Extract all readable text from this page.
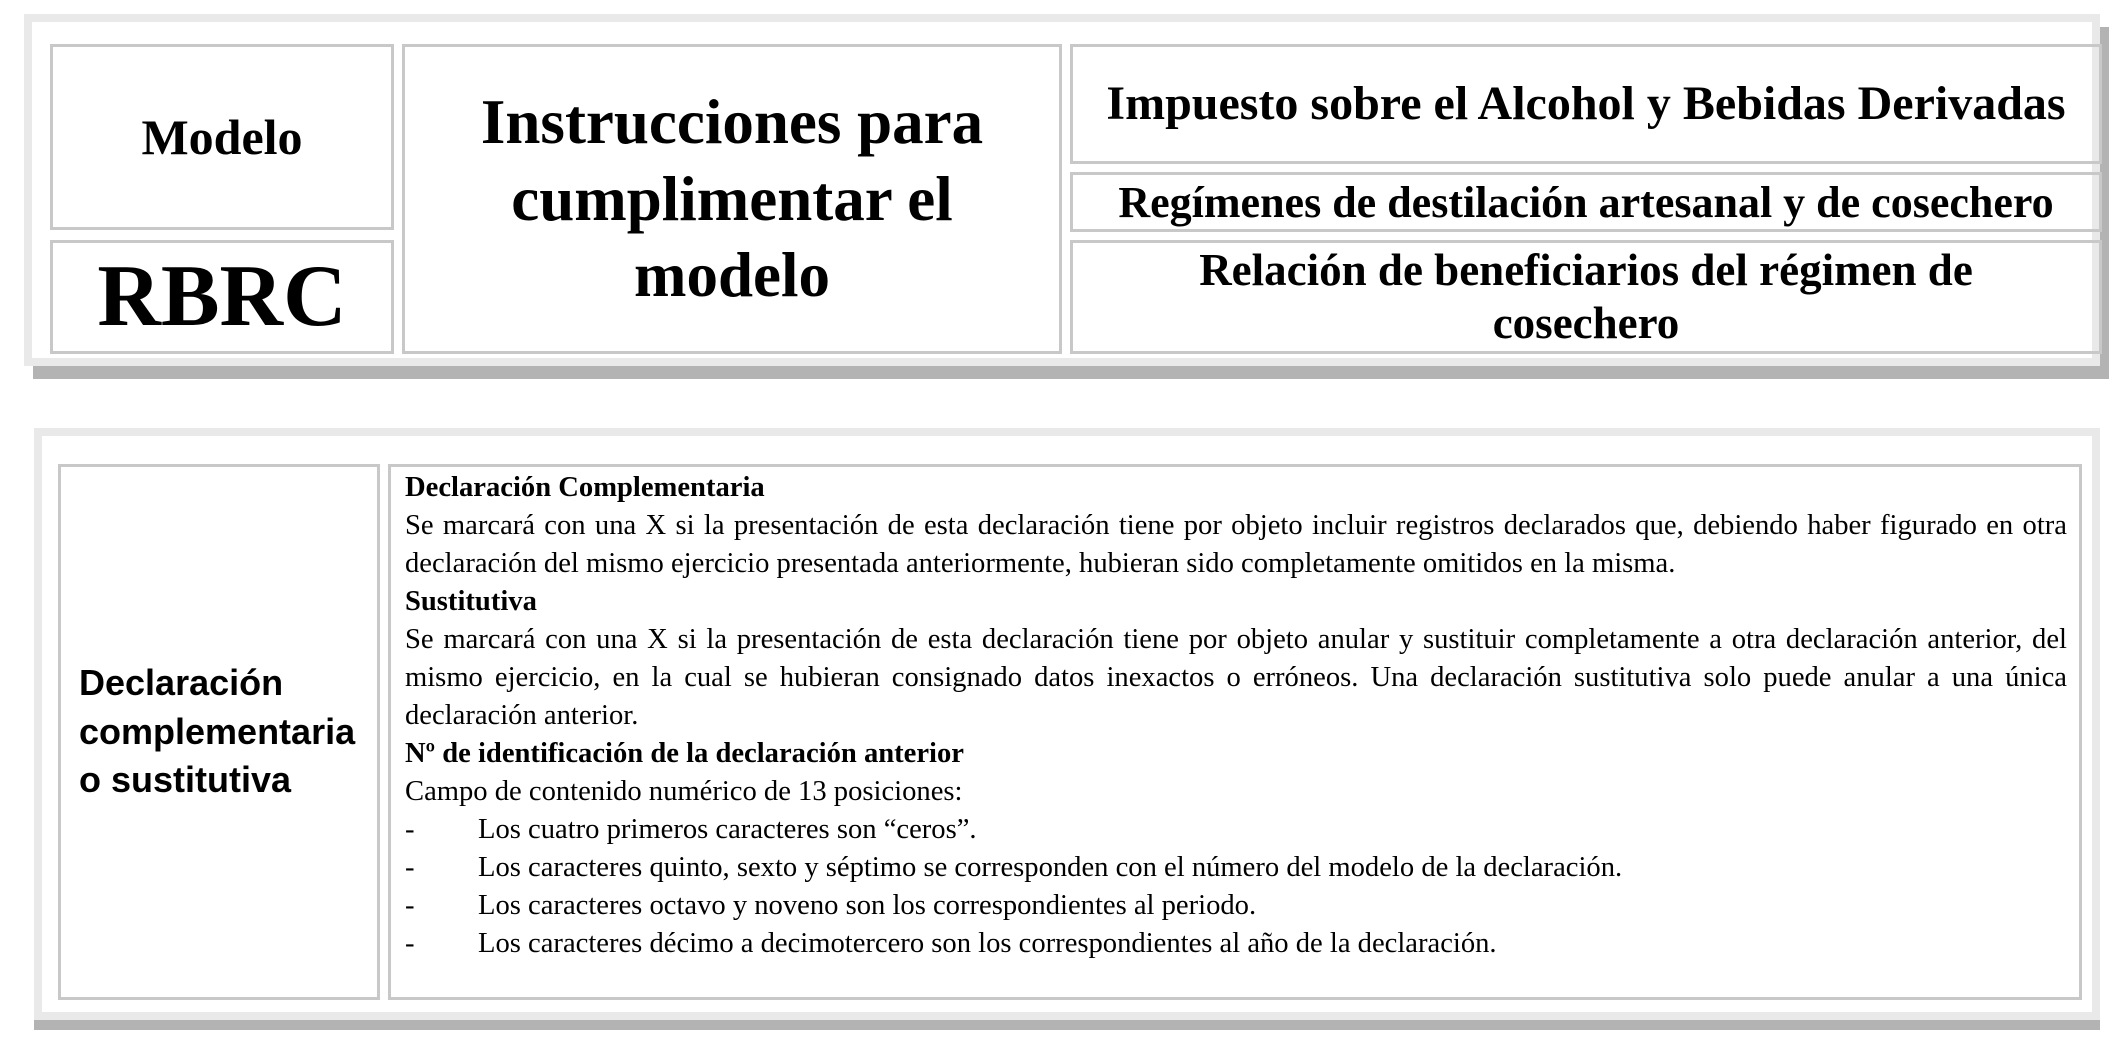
Modelo
RBRC
Instrucciones para cumplimentar el modelo
Impuesto sobre el Alcohol y Bebidas Derivadas
Regímenes de destilación artesanal y de cosechero
Relación de beneficiarios del régimen de cosechero
Declaración complementaria o sustitutiva
Declaración Complementaria

Se marcará con una X si la presentación de esta declaración tiene por objeto incluir registros declarados que, debiendo haber figurado en otra declaración del mismo ejercicio presentada anteriormente, hubieran sido completamente omitidos en la misma.

Sustitutiva

Se marcará con una X si la presentación de esta declaración tiene por objeto anular y sustituir completamente a otra declaración anterior, del mismo ejercicio, en la cual se hubieran consignado datos inexactos o erróneos. Una declaración sustitutiva solo puede anular a una única declaración anterior.

Nº de identificación de la declaración anterior

Campo de contenido numérico de 13 posiciones:

- Los cuatro primeros caracteres son “ceros”.
- Los caracteres quinto, sexto y séptimo se corresponden con el número del modelo de la declaración.
- Los caracteres octavo y noveno son los correspondientes al periodo.
- Los caracteres décimo a decimotercero son los correspondientes al año de la declaración.
